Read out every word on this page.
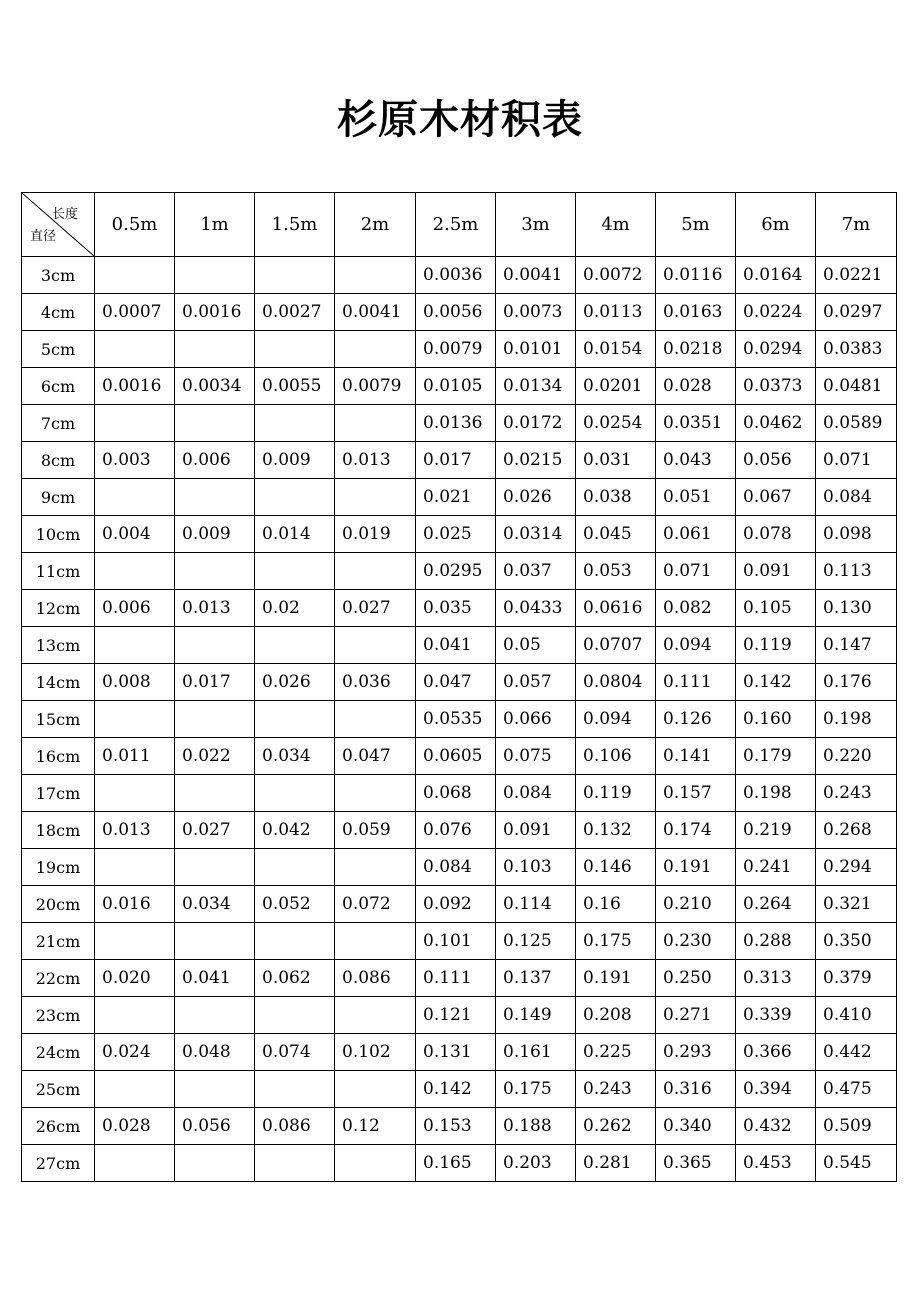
杉原木材积表
长度
直径	0.5m	1m	1.5m	2m	2.5m	3m	4m	5m	6m	7m
3cm					0.0036	0.0041	0.0072	0.0116	0.0164	0.0221
4cm	0.0007	0.0016	0.0027	0.0041	0.0056	0.0073	0.0113	0.0163	0.0224	0.0297
5cm					0.0079	0.0101	0.0154	0.0218	0.0294	0.0383
6cm	0.0016	0.0034	0.0055	0.0079	0.0105	0.0134	0.0201	0.028	0.0373	0.0481
7cm					0.0136	0.0172	0.0254	0.0351	0.0462	0.0589
8cm	0.003	0.006	0.009	0.013	0.017	0.0215	0.031	0.043	0.056	0.071
9cm					0.021	0.026	0.038	0.051	0.067	0.084
10cm	0.004	0.009	0.014	0.019	0.025	0.0314	0.045	0.061	0.078	0.098
11cm					0.0295	0.037	0.053	0.071	0.091	0.113
12cm	0.006	0.013	0.02	0.027	0.035	0.0433	0.0616	0.082	0.105	0.130
13cm					0.041	0.05	0.0707	0.094	0.119	0.147
14cm	0.008	0.017	0.026	0.036	0.047	0.057	0.0804	0.111	0.142	0.176
15cm					0.0535	0.066	0.094	0.126	0.160	0.198
16cm	0.011	0.022	0.034	0.047	0.0605	0.075	0.106	0.141	0.179	0.220
17cm					0.068	0.084	0.119	0.157	0.198	0.243
18cm	0.013	0.027	0.042	0.059	0.076	0.091	0.132	0.174	0.219	0.268
19cm					0.084	0.103	0.146	0.191	0.241	0.294
20cm	0.016	0.034	0.052	0.072	0.092	0.114	0.16	0.210	0.264	0.321
21cm					0.101	0.125	0.175	0.230	0.288	0.350
22cm	0.020	0.041	0.062	0.086	0.111	0.137	0.191	0.250	0.313	0.379
23cm					0.121	0.149	0.208	0.271	0.339	0.410
24cm	0.024	0.048	0.074	0.102	0.131	0.161	0.225	0.293	0.366	0.442
25cm					0.142	0.175	0.243	0.316	0.394	0.475
26cm	0.028	0.056	0.086	0.12	0.153	0.188	0.262	0.340	0.432	0.509
27cm					0.165	0.203	0.281	0.365	0.453	0.545
